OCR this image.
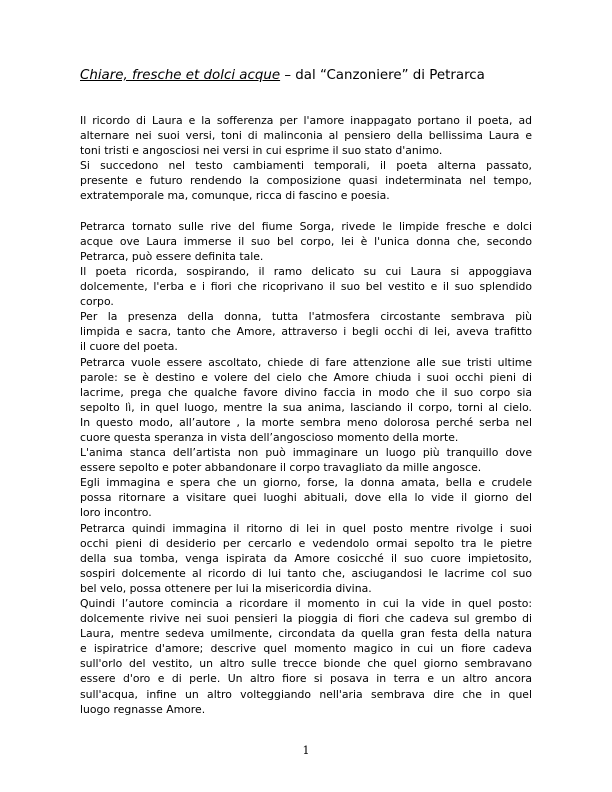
Chiare, fresche et dolci acque – dal “Canzoniere” di Petrarca
Il ricordo di Laura e la sofferenza per l'amore inappagato portano il poeta, ad
alternare nei suoi versi, toni di malinconia al pensiero della bellissima Laura e
toni tristi e angosciosi nei versi in cui esprime il suo stato d'animo.
Si succedono nel testo cambiamenti temporali, il poeta alterna passato,
presente e futuro rendendo la composizione quasi indeterminata nel tempo,
extratemporale ma, comunque, ricca di fascino e poesia.
Petrarca tornato sulle rive del fiume Sorga, rivede le limpide fresche e dolci
acque ove Laura immerse il suo bel corpo, lei è l'unica donna che, secondo
Petrarca, può essere definita tale.
Il poeta ricorda, sospirando, il ramo delicato su cui Laura si appoggiava
dolcemente, l'erba e i fiori che ricoprivano il suo bel vestito e il suo splendido
corpo.
Per la presenza della donna, tutta l'atmosfera circostante sembrava più
limpida e sacra, tanto che Amore, attraverso i begli occhi di lei, aveva trafitto
il cuore del poeta.
Petrarca vuole essere ascoltato, chiede di fare attenzione alle sue tristi ultime
parole: se è destino e volere del cielo che Amore chiuda i suoi occhi pieni di
lacrime, prega che qualche favore divino faccia in modo che il suo corpo sia
sepolto lì, in quel luogo, mentre la sua anima, lasciando il corpo, torni al cielo.
In questo modo, all’autore , la morte sembra meno dolorosa perché serba nel
cuore questa speranza in vista dell’angoscioso momento della morte.
L'anima stanca dell’artista non può immaginare un luogo più tranquillo dove
essere sepolto e poter abbandonare il corpo travagliato da mille angosce.
Egli immagina e spera che un giorno, forse, la donna amata, bella e crudele
possa ritornare a visitare quei luoghi abituali, dove ella lo vide il giorno del
loro incontro.
Petrarca quindi immagina il ritorno di lei in quel posto mentre rivolge i suoi
occhi pieni di desiderio per cercarlo e vedendolo ormai sepolto tra le pietre
della sua tomba, venga ispirata da Amore cosicché il suo cuore impietosito,
sospiri dolcemente al ricordo di lui tanto che, asciugandosi le lacrime col suo
bel velo, possa ottenere per lui la misericordia divina.
Quindi l’autore comincia a ricordare il momento in cui la vide in quel posto:
dolcemente rivive nei suoi pensieri la pioggia di fiori che cadeva sul grembo di
Laura, mentre sedeva umilmente, circondata da quella gran festa della natura
e ispiratrice d'amore; descrive quel momento magico in cui un fiore cadeva
sull'orlo del vestito, un altro sulle trecce bionde che quel giorno sembravano
essere d'oro e di perle. Un altro fiore si posava in terra e un altro ancora
sull'acqua, infine un altro volteggiando nell'aria sembrava dire che in quel
luogo regnasse Amore.
1
